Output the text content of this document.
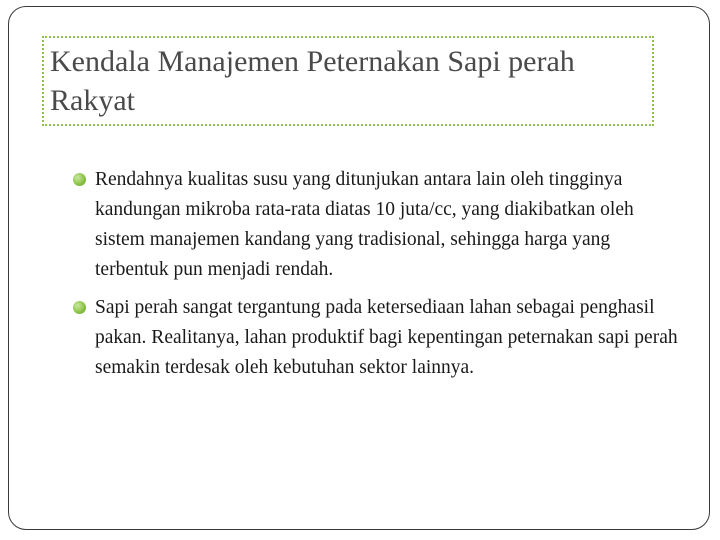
Kendala Manajemen Peternakan Sapi perah Rakyat
Rendahnya kualitas susu yang ditunjukan antara lain oleh tingginya kandungan mikroba rata-rata diatas 10 juta/cc, yang diakibatkan oleh sistem manajemen kandang yang tradisional, sehingga harga yang terbentuk pun menjadi rendah.
Sapi perah sangat tergantung pada ketersediaan lahan sebagai penghasil pakan. Realitanya, lahan produktif bagi kepentingan peternakan sapi perah semakin terdesak oleh kebutuhan sektor lainnya.
